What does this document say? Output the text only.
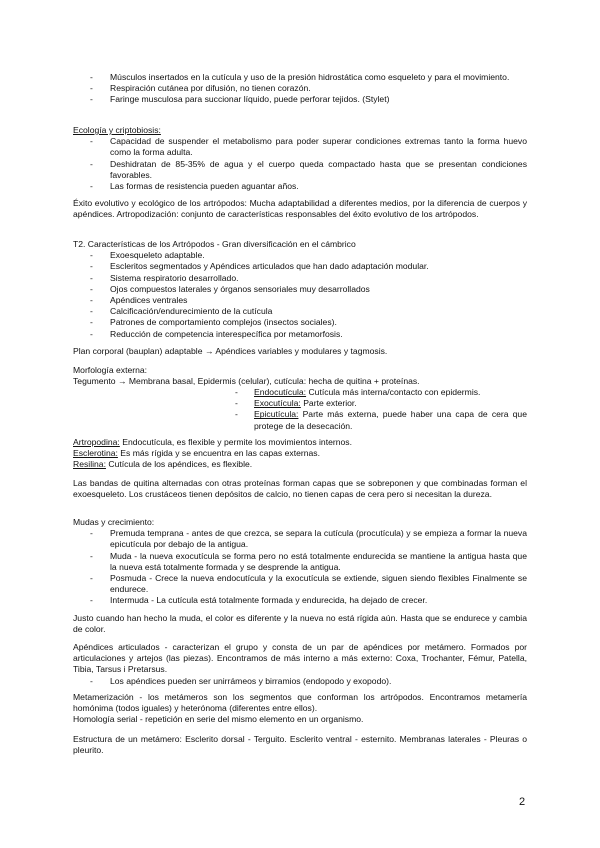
- Músculos insertados en la cutícula y uso de la presión hidrostática como esqueleto y para el movimiento.
- Respiración cutánea por difusión, no tienen corazón.
- Faringe musculosa para succionar líquido, puede perforar tejidos. (Stylet)
Ecología y criptobiosis:
- Capacidad de suspender el metabolismo para poder superar condiciones extremas tanto la forma huevo como la forma adulta.
- Deshidratan de 85-35% de agua y el cuerpo queda compactado hasta que se presentan condiciones favorables.
- Las formas de resistencia pueden aguantar años.
Éxito evolutivo y ecológico de los artrópodos: Mucha adaptabilidad a diferentes medios, por la diferencia de cuerpos y apéndices. Artropodización: conjunto de características responsables del éxito evolutivo de los artrópodos.
T2. Características de los Artrópodos - Gran diversificación en el cámbrico
- Exoesqueleto adaptable.
- Escleritos segmentados y Apéndices articulados que han dado adaptación modular.
- Sistema respiratorio desarrollado.
- Ojos compuestos laterales y órganos sensoriales muy desarrollados
- Apéndices ventrales
- Calcificación/endurecimiento de la cutícula
- Patrones de comportamiento complejos (insectos sociales).
- Reducción de competencia interespecífica por metamorfosis.
Plan corporal (bauplan) adaptable → Apéndices variables y modulares y tagmosis.
Morfología externa:
Tegumento → Membrana basal, Epidermis (celular), cutícula: hecha de quitina + proteínas.
- Endocutícula: Cutícula más interna/contacto con epidermis.
- Exocutícula: Parte exterior.
- Epicutícula: Parte más externa, puede haber una capa de cera que protege de la desecación.
Artropodina: Endocutícula, es flexible y permite los movimientos internos.
Esclerotina: Es más rígida y se encuentra en las capas externas.
Resilina: Cutícula de los apéndices, es flexible.
Las bandas de quitina alternadas con otras proteínas forman capas que se sobreponen y que combinadas forman el exoesqueleto. Los crustáceos tienen depósitos de calcio, no tienen capas de cera pero si necesitan la dureza.
Mudas y crecimiento:
- Premuda temprana - antes de que crezca, se separa la cutícula (procutícula) y se empieza a formar la nueva epicutícula por debajo de la antigua.
- Muda - la nueva exocutícula se forma pero no está totalmente endurecida se mantiene la antigua hasta que la nueva está totalmente formada y se desprende la antigua.
- Posmuda - Crece la nueva endocutícula y la exocutícula se extiende, siguen siendo flexibles Finalmente se endurece.
- Intermuda - La cutícula está totalmente formada y endurecida, ha dejado de crecer.
Justo cuando han hecho la muda, el color es diferente y la nueva no está rígida aún. Hasta que se endurece y cambia de color.
Apéndices articulados - caracterizan el grupo y consta de un par de apéndices por metámero. Formados por articulaciones y artejos (las piezas). Encontramos de más interno a más externo: Coxa, Trochanter, Fémur, Patella, Tibia, Tarsus i Pretarsus.
- Los apéndices pueden ser unirrámeos y birramios (endopodo y exopodo).
Metamerización - los metámeros son los segmentos que conforman los artrópodos. Encontramos metamería homónima (todos iguales) y heterónoma (diferentes entre ellos).
Homología serial - repetición en serie del mismo elemento en un organismo.
Estructura de un metámero: Esclerito dorsal - Terguito. Esclerito ventral - esternito. Membranas laterales - Pleuras o pleurito.
2
